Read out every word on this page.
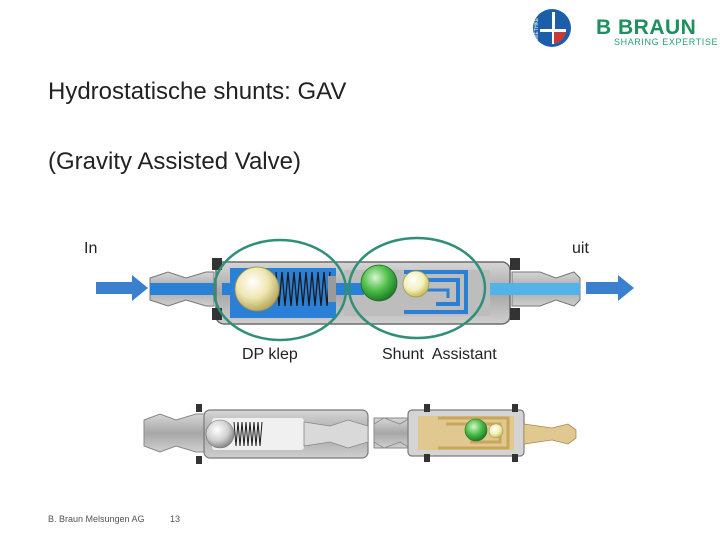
MIETHKE	B BRAUN
SHARING EXPERTISE
Hydrostatische shunts: GAV
(Gravity Assisted Valve)
In	uit
DP klep	Shunt  Assistant
B. Braun Melsungen AG	13
